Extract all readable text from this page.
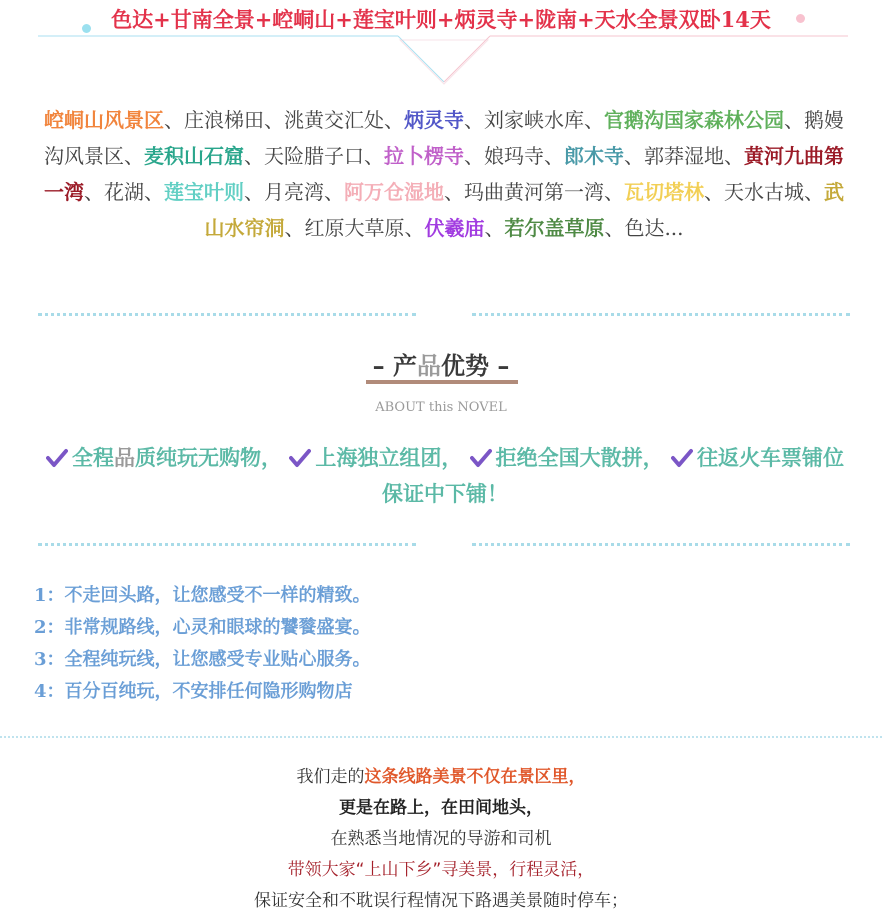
色达+甘南全景+崆峒山+莲宝叶则+炳灵寺+陇南+天水全景双卧14天
崆峒山风景区、庄浪梯田、洮黄交汇处、炳灵寺、刘家峡水库、官鹅沟国家森林公园、鹅嫚沟风景区、麦积山石窟、天险腊子口、拉卜楞寺、娘玛寺、郎木寺、郭莽湿地、黄河九曲第一湾、花湖、莲宝叶则、月亮湾、阿万仓湿地、玛曲黄河第一湾、瓦切塔林、天水古城、武山水帘洞、红原大草原、伏羲庙、若尔盖草原、色达...
– 产品优势 –
ABOUT this NOVEL
全程品质纯玩无购物， 上海独立组团， 拒绝全国大散拼， 往返火车票铺位保证中下铺！
1：不走回头路，让您感受不一样的精致。
2：非常规路线，心灵和眼球的饕餮盛宴。
3：全程纯玩线，让您感受专业贴心服务。
4：百分百纯玩，不安排任何隐形购物店
我们走的这条线路美景不仅在景区里，
更是在路上，在田间地头，
在熟悉当地情况的导游和司机
带领大家“上山下乡”寻美景，行程灵活，
保证安全和不耽误行程情况下路遇美景随时停车；
